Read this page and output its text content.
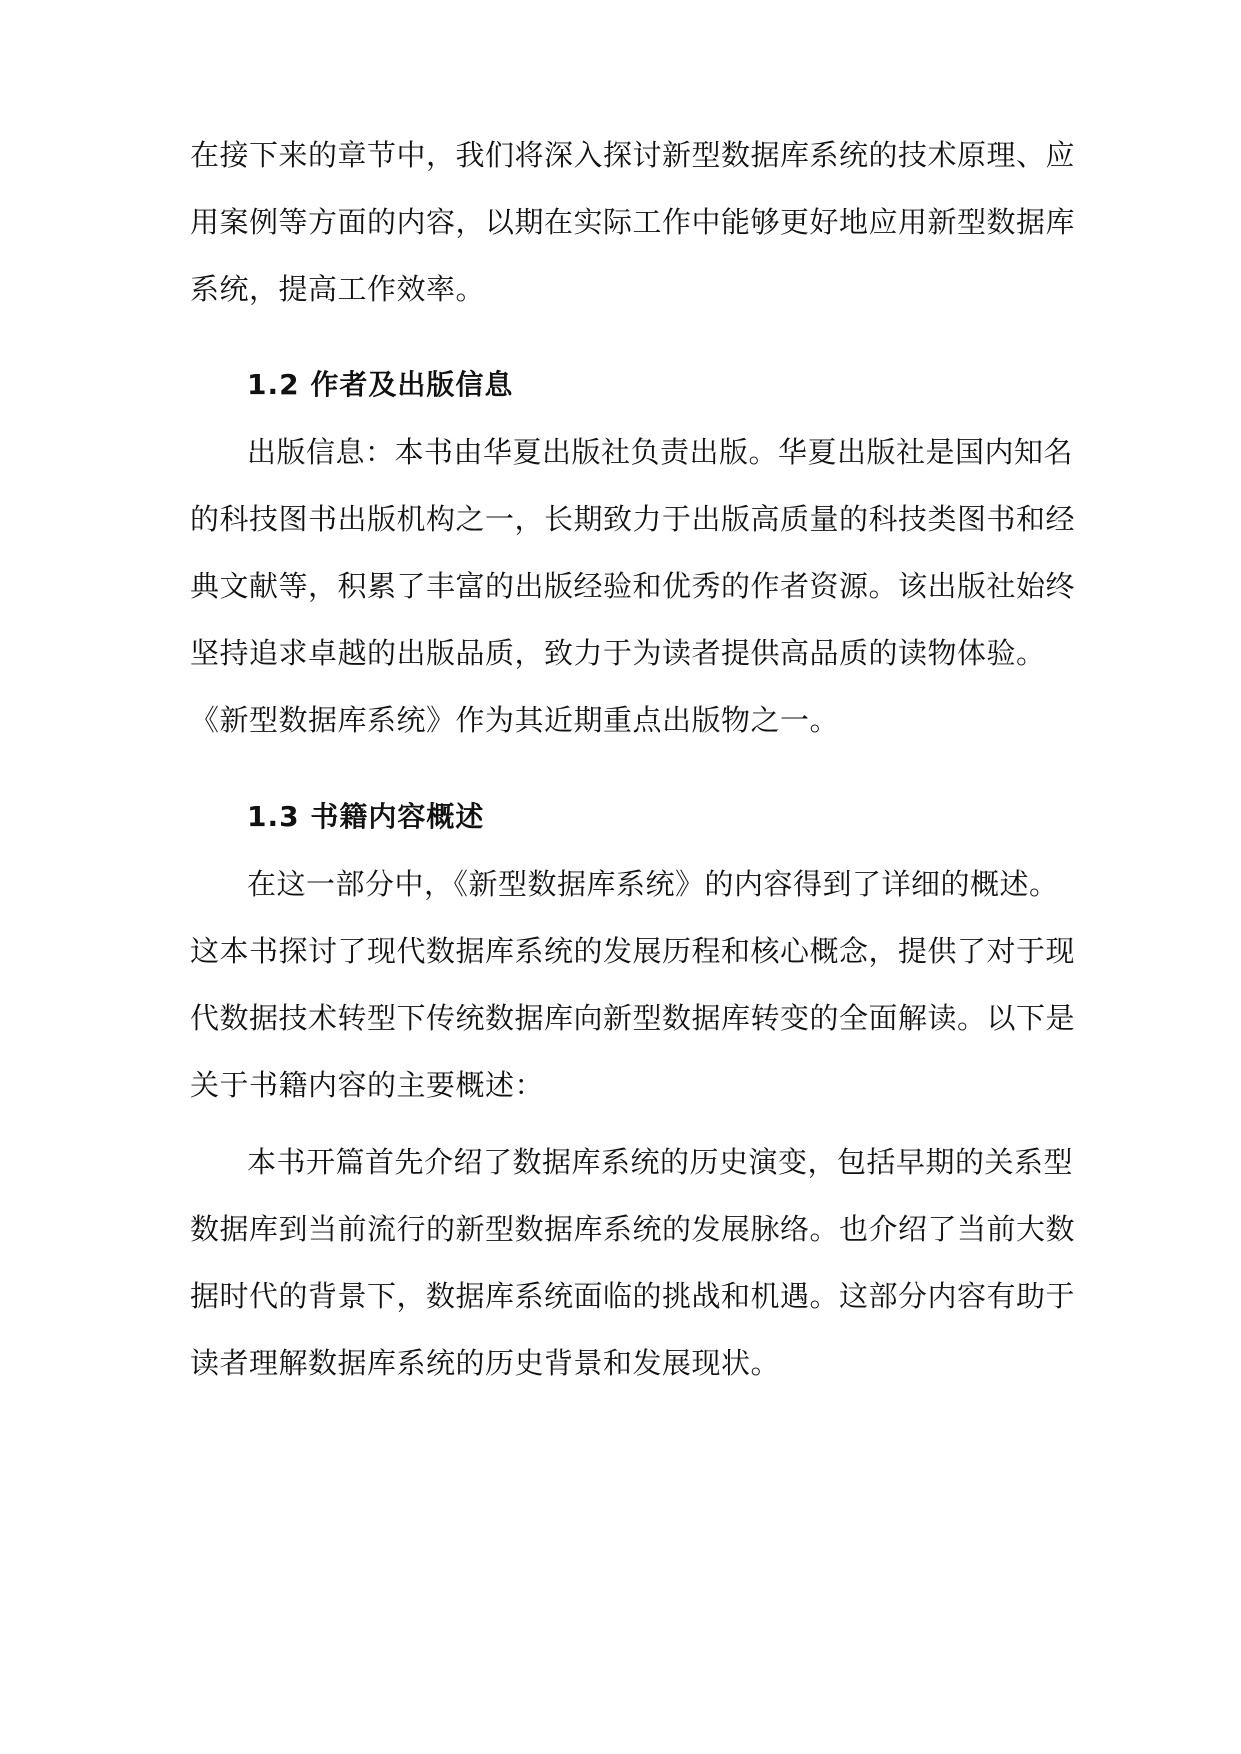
在接下来的章节中，我们将深入探讨新型数据库系统的技术原理、应
用案例等方面的内容，以期在实际工作中能够更好地应用新型数据库
系统，提高工作效率。
1.2 作者及出版信息
出版信息：本书由华夏出版社负责出版。华夏出版社是国内知名
的科技图书出版机构之一，长期致力于出版高质量的科技类图书和经
典文献等，积累了丰富的出版经验和优秀的作者资源。该出版社始终
坚持追求卓越的出版品质，致力于为读者提供高品质的读物体验。
《新型数据库系统》作为其近期重点出版物之一。
1.3 书籍内容概述
在这一部分中，《新型数据库系统》的内容得到了详细的概述。
这本书探讨了现代数据库系统的发展历程和核心概念，提供了对于现
代数据技术转型下传统数据库向新型数据库转变的全面解读。以下是
关于书籍内容的主要概述：
本书开篇首先介绍了数据库系统的历史演变，包括早期的关系型
数据库到当前流行的新型数据库系统的发展脉络。也介绍了当前大数
据时代的背景下，数据库系统面临的挑战和机遇。这部分内容有助于
读者理解数据库系统的历史背景和发展现状。
